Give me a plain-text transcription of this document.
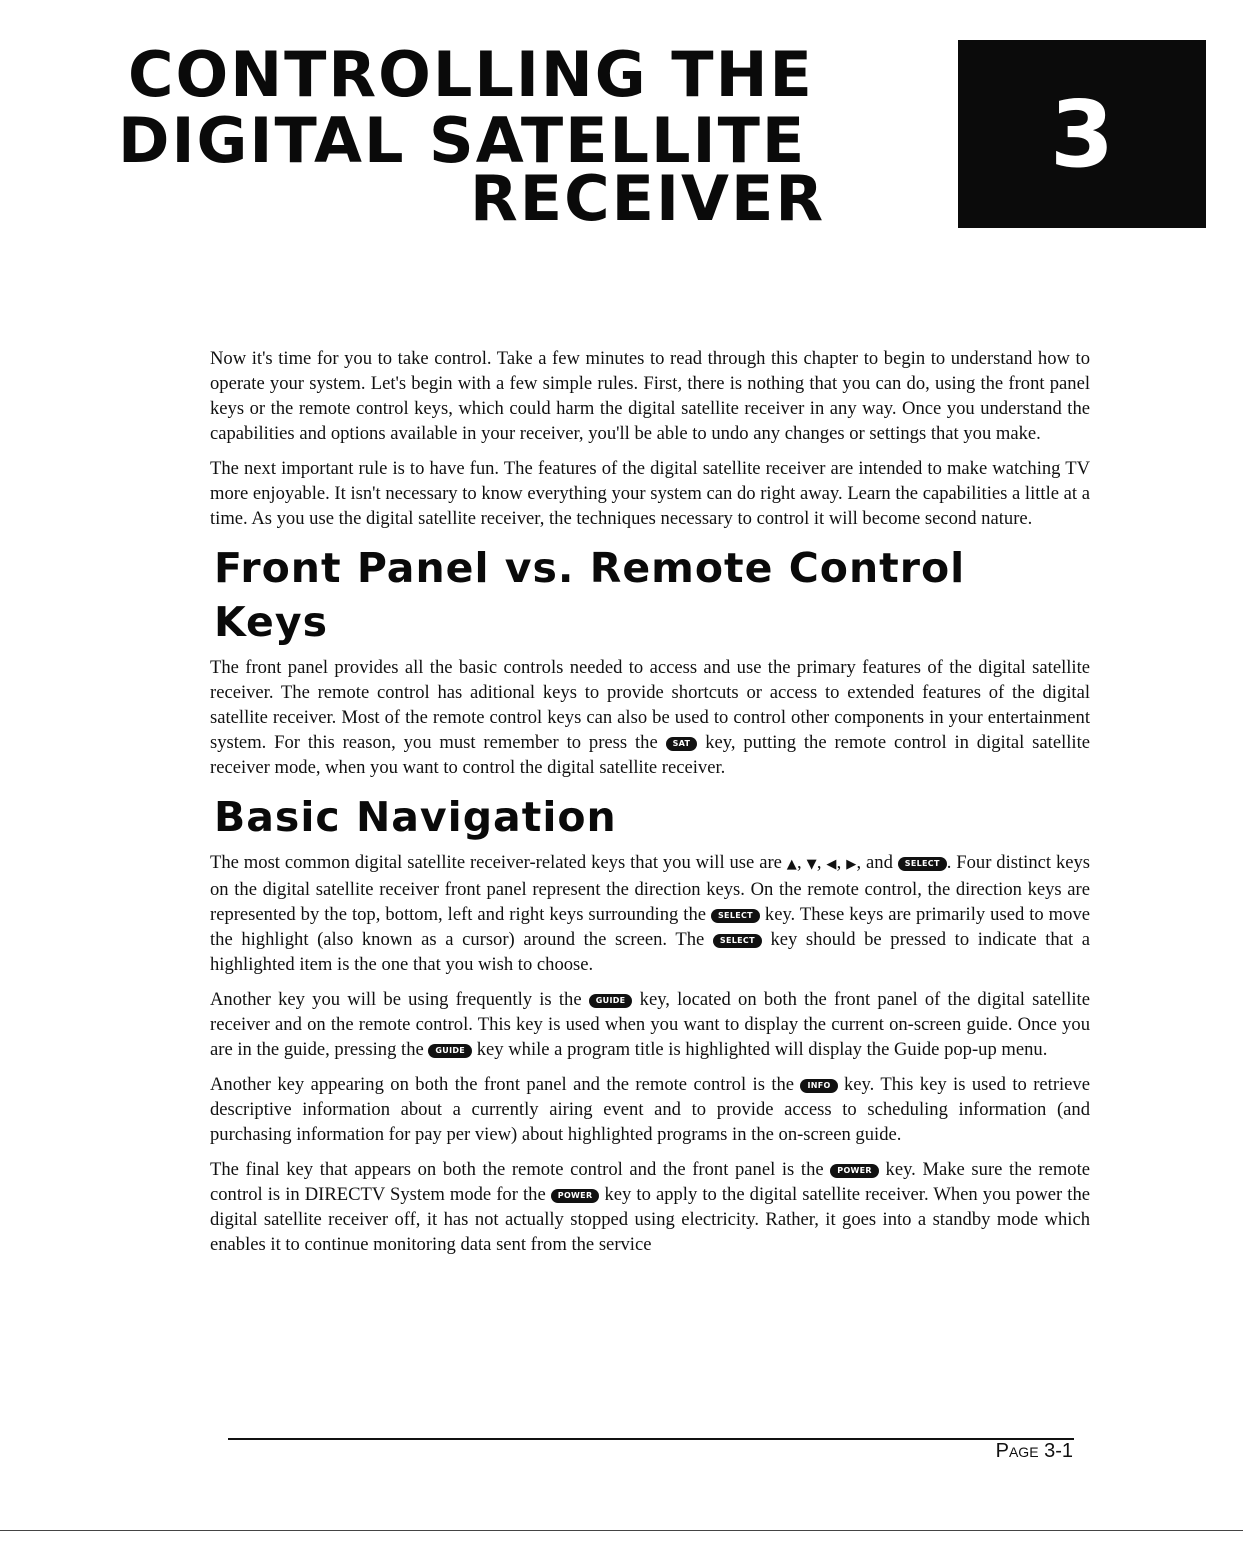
CONTROLLING THE
DIGITAL SATELLITE
RECEIVER
3

Now it's time for you to take control. Take a few minutes to read through this chapter to begin to understand how to operate your system. Let's begin with a few simple rules. First, there is nothing that you can do, using the front panel keys or the remote control keys, which could harm the digital satellite receiver in any way. Once you understand the capabilities and options available in your receiver, you'll be able to undo any changes or settings that you make.

The next important rule is to have fun. The features of the digital satellite receiver are intended to make watching TV more enjoyable. It isn't necessary to know everything your system can do right away. Learn the capabilities a little at a time. As you use the digital satellite receiver, the techniques necessary to control it will become second nature.

Front Panel vs. Remote Control Keys

The front panel provides all the basic controls needed to access and use the primary features of the digital satellite receiver. The remote control has aditional keys to provide shortcuts or access to extended features of the digital satellite receiver. Most of the remote control keys can also be used to control other components in your entertainment system. For this reason, you must remember to press the SAT key, putting the remote control in digital satellite receiver mode, when you want to control the digital satellite receiver.

Basic Navigation

The most common digital satellite receiver-related keys that you will use are ▲, ▼, ◀, ▶, and SELECT . Four distinct keys on the digital satellite receiver front panel represent the direction keys. On the remote control, the direction keys are represented by the top, bottom, left and right keys surrounding the SELECT key. These keys are primarily used to move the highlight (also known as a cursor) around the screen. The SELECT key should be pressed to indicate that a highlighted item is the one that you wish to choose.

Another key you will be using frequently is the GUIDE key, located on both the front panel of the digital satellite receiver and on the remote control. This key is used when you want to display the current on-screen guide. Once you are in the guide, pressing the GUIDE key while a program title is highlighted will display the Guide pop-up menu.

Another key appearing on both the front panel and the remote control is the INFO key. This key is used to retrieve descriptive information about a currently airing event and to provide access to scheduling information (and purchasing information for pay per view) about highlighted programs in the on-screen guide.

The final key that appears on both the remote control and the front panel is the POWER key. Make sure the remote control is in DIRECTV System mode for the POWER key to apply to the digital satellite receiver. When you power the digital satellite receiver off, it has not actually stopped using electricity. Rather, it goes into a standby mode which enables it to continue monitoring data sent from the service

Page 3-1
